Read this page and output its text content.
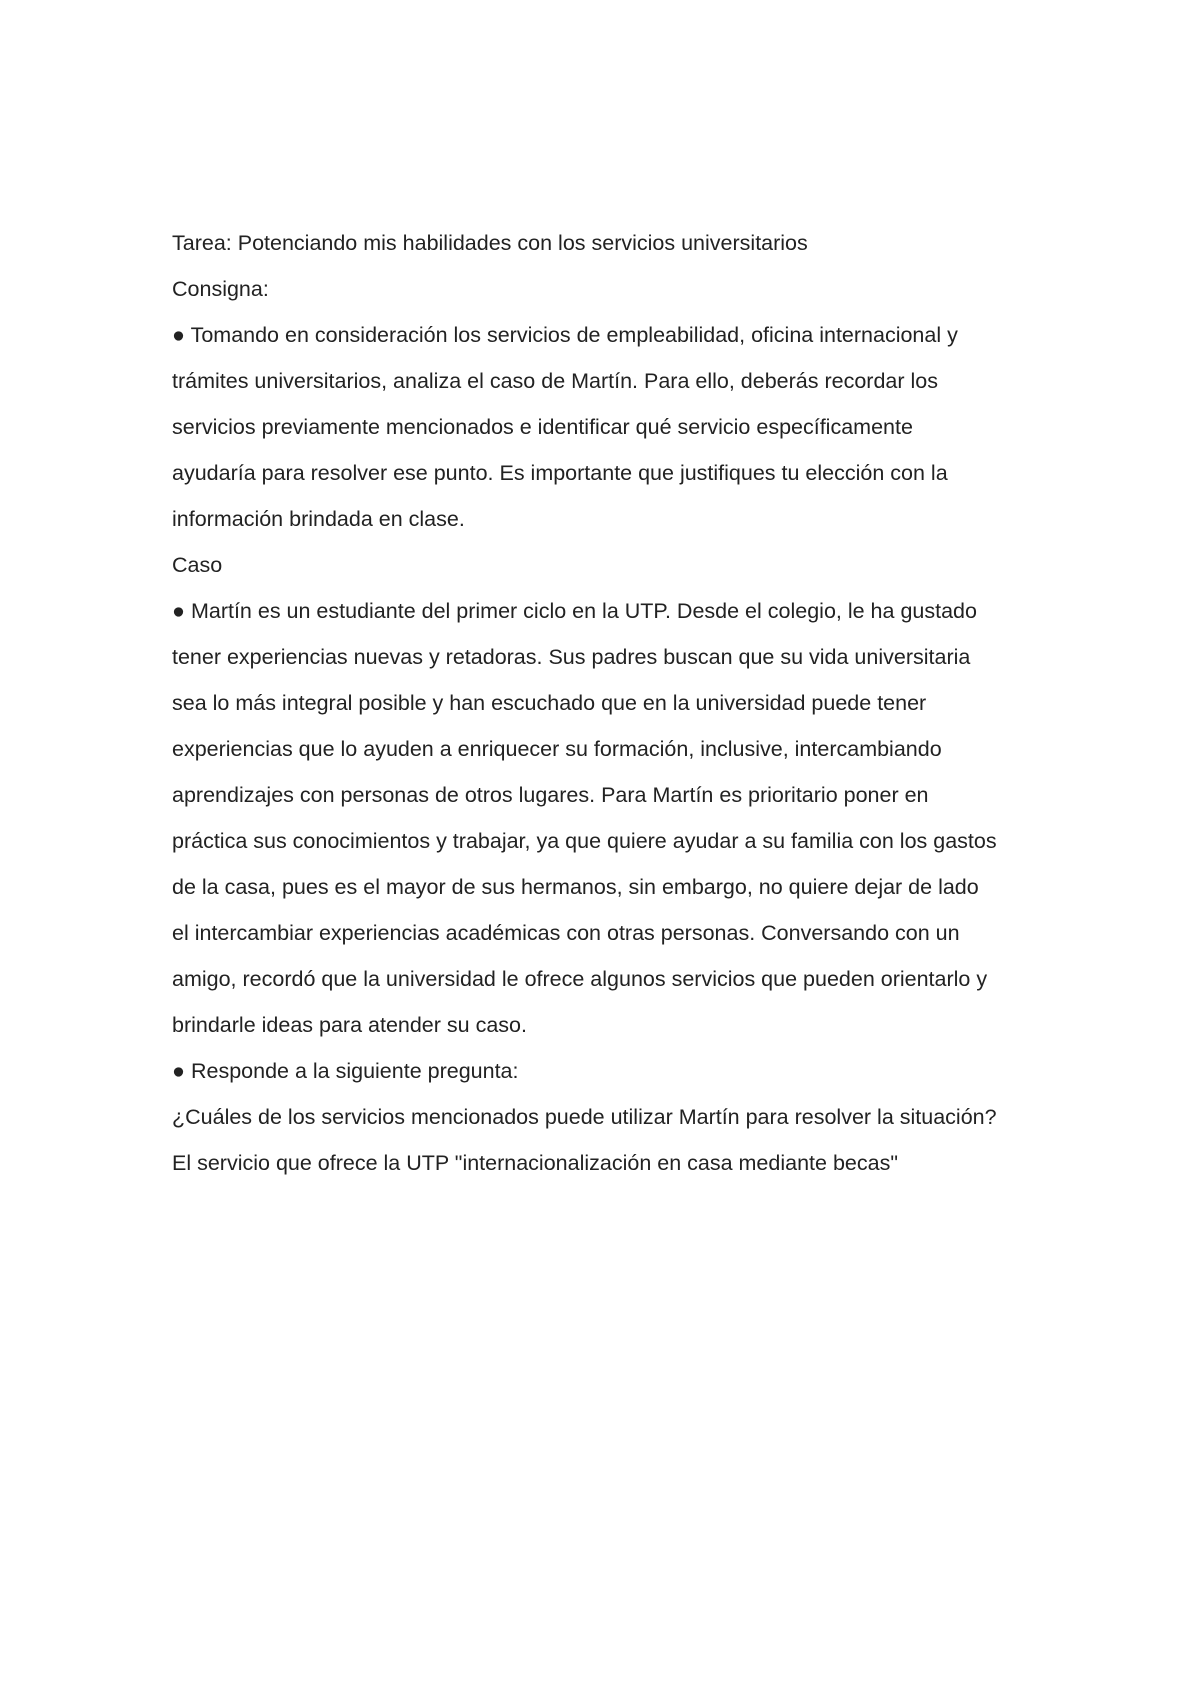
Tarea: Potenciando mis habilidades con los servicios universitarios

Consigna:

● Tomando en consideración los servicios de empleabilidad, oficina internacional y

trámites universitarios, analiza el caso de Martín. Para ello, deberás recordar los

servicios previamente mencionados e identificar qué servicio específicamente

ayudaría para resolver ese punto. Es importante que justifiques tu elección con la

información brindada en clase.

Caso

● Martín es un estudiante del primer ciclo en la UTP. Desde el colegio, le ha gustado

tener experiencias nuevas y retadoras. Sus padres buscan que su vida universitaria

sea lo más integral posible y han escuchado que en la universidad puede tener

experiencias que lo ayuden a enriquecer su formación, inclusive, intercambiando

aprendizajes con personas de otros lugares. Para Martín es prioritario poner en

práctica sus conocimientos y trabajar, ya que quiere ayudar a su familia con los gastos

de la casa, pues es el mayor de sus hermanos, sin embargo, no quiere dejar de lado

el intercambiar experiencias académicas con otras personas. Conversando con un

amigo, recordó que la universidad le ofrece algunos servicios que pueden orientarlo y

brindarle ideas para atender su caso.

● Responde a la siguiente pregunta:

¿Cuáles de los servicios mencionados puede utilizar Martín para resolver la situación?

El servicio que ofrece la UTP "internacionalización en casa mediante becas"
